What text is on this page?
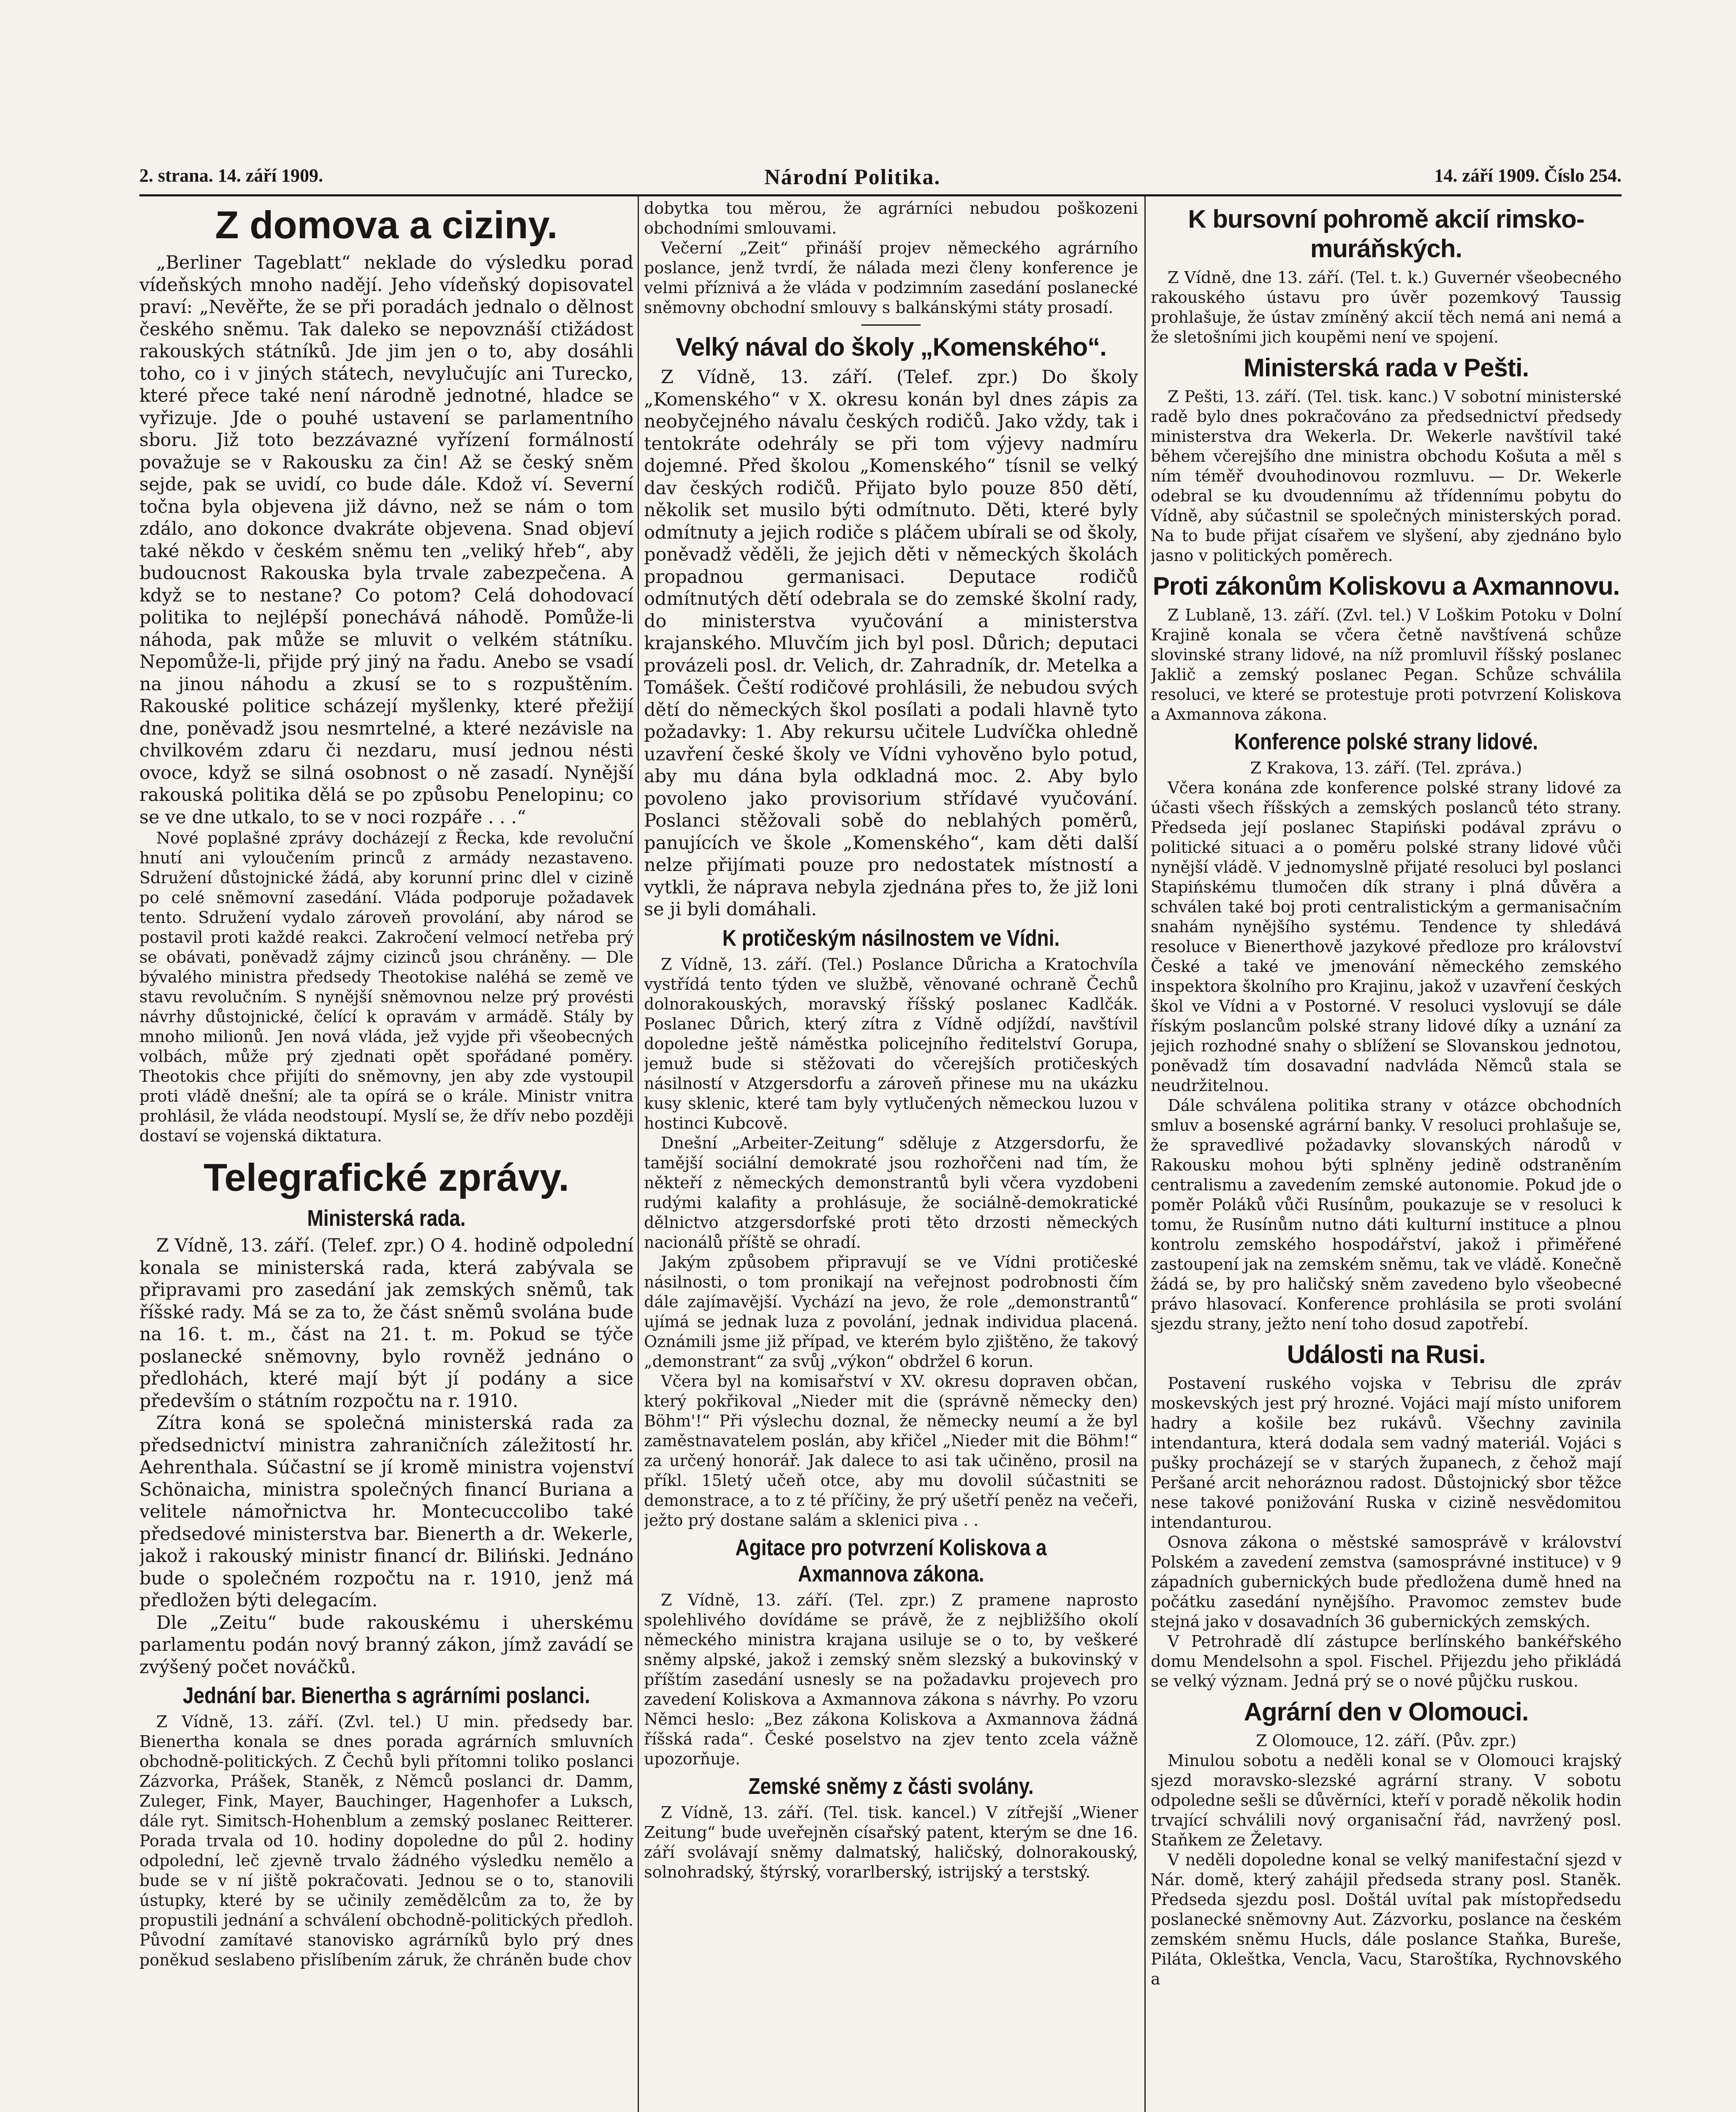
2. strana. 14. září 1909.	Národní Politika.	14. září 1909. Číslo 254.
Z domova a ciziny.

„Berliner Tageblatt“ neklade do výsledku porad vídeňských mnoho nadějí. Jeho vídeňský dopisovatel praví: „Nevěřte, že se při poradách jednalo o dělnost českého sněmu. Tak daleko se nepovznáší ctižádost rakouských státníků. Jde jim jen o to, aby dosáhli toho, co i v jiných státech, nevylučujíc ani Turecko, které přece také není národně jednotné, hladce se vyřizuje. Jde o pouhé ustavení se parlamentního sboru. Již toto bezzávazné vyřízení formálností považuje se v Rakousku za čin! Až se český sněm sejde, pak se uvidí, co bude dále. Kdož ví. Severní točna byla objevena již dávno, než se nám o tom zdálo, ano dokonce dvakráte objevena. Snad objeví také někdo v českém sněmu ten „veliký hřeb“, aby budoucnost Rakouska byla trvale zabezpečena. A když se to nestane? Co potom? Celá dohodovací politika to nejlépší ponechává náhodě. Pomůže-li náhoda, pak může se mluvit o velkém státníku. Nepomůže-li, přijde prý jiný na řadu. Anebo se vsadí na jinou náhodu a zkusí se to s rozpuštěním. Rakouské politice scházejí myšlenky, které přežijí dne, poněvadž jsou nesmrtelné, a které nezávisle na chvilkovém zdaru či nezdaru, musí jednou nésti ovoce, když se silná osobnost o ně zasadí. Nynější rakouská politika dělá se po způsobu Penelopinu; co se ve dne utkalo, to se v noci rozpáře . . .“

Nové poplašné zprávy docházejí z Řecka, kde revoluční hnutí ani vyloučením princů z armády nezastaveno. Sdružení důstojnické žádá, aby korunní princ dlel v cizině po celé sněmovní zasedání. Vláda podporuje požadavek tento. Sdružení vydalo zároveň provolání, aby národ se postavil proti každé reakci. Zakročení velmocí netřeba prý se obávati, poněvadž zájmy cizinců jsou chráněny. — Dle bývalého ministra předsedy Theotokise naléhá se země ve stavu revolučním. S nynější sněmovnou nelze prý provésti návrhy důstojnické, čelící k opravám v armádě. Stály by mnoho milionů. Jen nová vláda, jež vyjde při všeobecných volbách, může prý zjednati opět spořádané poměry. Theotokis chce přijíti do sněmovny, jen aby zde vystoupil proti vládě dnešní; ale ta opírá se o krále. Ministr vnitra prohlásil, že vláda neodstoupí. Myslí se, že dřív nebo později dostaví se vojenská diktatura.

Telegrafické zprávy.
Ministerská rada.

Z Vídně, 13. září. (Telef. zpr.) O 4. hodině odpolední konala se ministerská rada, která zabývala se připravami pro zasedání jak zemských sněmů, tak říšské rady. Má se za to, že část sněmů svolána bude na 16. t. m., část na 21. t. m. Pokud se týče poslanecké sněmovny, bylo rovněž jednáno o předlohách, které mají být jí podány a sice především o státním rozpočtu na r. 1910.

Zítra koná se společná ministerská rada za předsednictví ministra zahraničních záležitostí hr. Aehrenthala. Súčastní se jí kromě ministra vojenství Schönaicha, ministra společných financí Buriana a velitele námořnictva hr. Montecuccolibo také předsedové ministerstva bar. Bienerth a dr. Wekerle, jakož i rakouský ministr financí dr. Biliński. Jednáno bude o společném rozpočtu na r. 1910, jenž má předložen býti delegacím.

Dle „Zeitu“ bude rakouskému i uherskému parlamentu podán nový branný zákon, jímž zavádí se zvýšený počet nováčků.

Jednání bar. Bienertha s agrárními poslanci.

Z Vídně, 13. září. (Zvl. tel.) U min. předsedy bar. Bienertha konala se dnes porada agrárních smluvních obchodně-politických. Z Čechů byli přítomni toliko poslanci Zázvorka, Prášek, Staněk, z Němců poslanci dr. Damm, Zuleger, Fink, Mayer, Bauchinger, Hagenhofer a Luksch, dále ryt. Simitsch-Hohenblum a zemský poslanec Reitterer. Porada trvala od 10. hodiny dopoledne do půl 2. hodiny odpolední, leč zjevně trvalo žádného výsledku nemělo a bude se v ní jiště pokračovati. Jednou se o to, stanovili ústupky, které by se učinily zemědělcům za to, že by propustili jednání a schválení obchodně-politických předloh. Původní zamítavé stanovisko agrárníků bylo prý dnes poněkud seslabeno přislíbením záruk, že chráněn bude chov

dobytka tou měrou, že agrárníci nebudou poškozeni obchodními smlouvami.

Večerní „Zeit“ přináší projev německého agrárního poslance, jenž tvrdí, že nálada mezi členy konference je velmi příznivá a že vláda v podzimním zasedání poslanecké sněmovny obchodní smlouvy s balkánskými státy prosadí.

Velký nával do školy „Komenského“.

Z Vídně, 13. září. (Telef. zpr.) Do školy „Komenského“ v X. okresu konán byl dnes zápis za neobyčejného návalu českých rodičů. Jako vždy, tak i tentokráte odehrály se při tom výjevy nadmíru dojemné. Před školou „Komenského“ tísnil se velký dav českých rodičů. Přijato bylo pouze 850 dětí, několik set musilo býti odmítnuto. Děti, které byly odmítnuty a jejich rodiče s pláčem ubírali se od školy, poněvadž věděli, že jejich děti v německých školách propadnou germanisaci. Deputace rodičů odmítnutých dětí odebrala se do zemské školní rady, do ministerstva vyučování a ministerstva krajanského. Mluvčím jich byl posl. Důrich; deputaci provázeli posl. dr. Velich, dr. Zahradník, dr. Metelka a Tomášek. Čeští rodičové prohlásili, že nebudou svých dětí do německých škol posílati a podali hlavně tyto požadavky: 1. Aby rekursu učitele Ludvíčka ohledně uzavření české školy ve Vídni vyhověno bylo potud, aby mu dána byla odkladná moc. 2. Aby bylo povoleno jako provisorium střídavé vyučování. Poslanci stěžovali sobě do neblahých poměrů, panujících ve škole „Komenského“, kam děti další nelze přijímati pouze pro nedostatek místností a vytkli, že náprava nebyla zjednána přes to, že již loni se ji byli domáhali.

K protičeským násilnostem ve Vídni.

Z Vídně, 13. září. (Tel.) Poslance Důricha a Kratochvíla vystřídá tento týden ve službě, věnované ochraně Čechů dolnorakouských, moravský říšský poslanec Kadlčák. Poslanec Důrich, který zítra z Vídně odjíždí, navštívil dopoledne ještě náměstka policejního ředitelství Gorupa, jemuž bude si stěžovati do včerejších protičeských násilností v Atzgersdorfu a zároveň přinese mu na ukázku kusy sklenic, které tam byly vytlučených německou luzou v hostinci Kubcově.

Dnešní „Arbeiter-Zeitung“ sděluje z Atzgersdorfu, že tamější sociální demokraté jsou rozhořčeni nad tím, že někteří z německých demonstrantů byli včera vyzdobeni rudými kalafity a prohlásuje, že sociálně-demokratické dělnictvo atzgersdorfské proti těto drzosti německých nacionálů příště se ohradí.

Jakým způsobem připravují se ve Vídni protičeské násilnosti, o tom pronikají na veřejnost podrobnosti čím dále zajímavější. Vychází na jevo, že role „demonstrantů“ ujímá se jednak luza z povolání, jednak individua placená. Oznámili jsme již případ, ve kterém bylo zjištěno, že takový „demonstrant“ za svůj „výkon“ obdržel 6 korun.

Včera byl na komisařství v XV. okresu dopraven občan, který pokřikoval „Nieder mit die (správně německy den) Böhm'!“ Při výslechu doznal, že německy neumí a že byl zaměstnavatelem poslán, aby křičel „Nieder mit die Böhm!“ za určený honorář. Jak dalece to asi tak učiněno, prosil na příkl. 15letý učeň otce, aby mu dovolil súčastniti se demonstrace, a to z té příčiny, že prý ušetří peněz na večeři, ježto prý dostane salám a sklenici piva . .

Agitace pro potvrzení Koliskova a Axmannova zákona.

Z Vídně, 13. září. (Tel. zpr.) Z pramene naprosto spolehlivého dovídáme se právě, že z nejbližšího okolí německého ministra krajana usiluje se o to, by veškeré sněmy alpské, jakož i zemský sněm slezský a bukovinský v příštím zasedání usnesly se na požadavku projevech pro zavedení Koliskova a Axmannova zákona s návrhy. Po vzoru Němci heslo: „Bez zákona Koliskova a Axmannova žádná říšská rada“. České poselstvo na zjev tento zcela vážně upozorňuje.

Zemské sněmy z části svolány.

Z Vídně, 13. září. (Tel. tisk. kancel.) V zítřejší „Wiener Zeitung“ bude uveřejněn císařský patent, kterým se dne 16. září svolávají sněmy dalmatský, haličský, dolnorakouský, solnohradský, štýrský, vorarlberský, istrijský a terstský.

K bursovní pohromě akcií rimsko-muráňských.

Z Vídně, dne 13. září. (Tel. t. k.) Guvernér všeobecného rakouského ústavu pro úvěr pozemkový Taussig prohlašuje, že ústav zmíněný akcií těch nemá ani nemá a že sletošními jich koupěmi není ve spojení.

Ministerská rada v Pešti.

Z Pešti, 13. září. (Tel. tisk. kanc.) V sobotní ministerské radě bylo dnes pokračováno za předsednictví předsedy ministerstva dra Wekerla. Dr. Wekerle navštívil také během včerejšího dne ministra obchodu Košuta a měl s ním téměř dvouhodinovou rozmluvu. — Dr. Wekerle odebral se ku dvoudennímu až třídennímu pobytu do Vídně, aby súčastnil se společných ministerských porad. Na to bude přijat císařem ve slyšení, aby zjednáno bylo jasno v politických poměrech.

Proti zákonům Koliskovu a Axmannovu.

Z Lublaně, 13. září. (Zvl. tel.) V Loškim Potoku v Dolní Krajině konala se včera četně navštívená schůze slovinské strany lidové, na níž promluvil říšský poslanec Jaklič a zemský poslanec Pegan. Schůze schválila resoluci, ve které se protestuje proti potvrzení Koliskova a Axmannova zákona.

Konference polské strany lidové.

Z Krakova, 13. září. (Tel. zpráva.)

Včera konána zde konference polské strany lidové za účasti všech říšských a zemských poslanců této strany. Předseda její poslanec Stapiński podával zprávu o politické situaci a o poměru polské strany lidové vůči nynější vládě. V jednomyslně přijaté resoluci byl poslanci Stapińskému tlumočen dík strany i plná důvěra a schválen také boj proti centralistickým a germanisačním snahám nynějšího systému. Tendence ty shledává resoluce v Bienerthově jazykové předloze pro království České a také ve jmenování německého zemského inspektora školního pro Krajinu, jakož v uzavření českých škol ve Vídni a v Postorné. V resoluci vyslovují se dále říským poslancům polské strany lidové díky a uznání za jejich rozhodné snahy o sblížení se Slovanskou jednotou, poněvadž tím dosavadní nadvláda Němců stala se neudržitelnou.

Dále schválena politika strany v otázce obchodních smluv a bosenské agrární banky. V resoluci prohlašuje se, že spravedlivé požadavky slovanských národů v Rakousku mohou býti splněny jedině odstraněním centralismu a zavedením zemské autonomie. Pokud jde o poměr Poláků vůči Rusínům, poukazuje se v resoluci k tomu, že Rusínům nutno dáti kulturní instituce a plnou kontrolu zemského hospodářství, jakož i přiměřené zastoupení jak na zemském sněmu, tak ve vládě. Konečně žádá se, by pro haličský sněm zavedeno bylo všeobecné právo hlasovací. Konference prohlásila se proti svolání sjezdu strany, ježto není toho dosud zapotřebí.

Události na Rusi.

Postavení ruského vojska v Tebrisu dle zpráv moskevských jest prý hrozné. Vojáci mají místo uniforem hadry a košile bez rukávů. Všechny zavinila intendantura, která dodala sem vadný materiál. Vojáci s pušky procházejí se v starých županech, z čehož mají Peršané arcit nehoráznou radost. Důstojnický sbor těžce nese takové ponižování Ruska v cizině nesvědomitou intendanturou.

Osnova zákona o městské samosprávě v království Polském a zavedení zemstva (samosprávné instituce) v 9 západních gubernických bude předložena dumě hned na počátku zasedání nynějšího. Pravomoc zemstev bude stejná jako v dosavadních 36 gubernických zemských.

V Petrohradě dlí zástupce berlínského bankéřského domu Mendelsohn a spol. Fischel. Přijezdu jeho přikládá se velký význam. Jedná prý se o nové půjčku ruskou.

Agrární den v Olomouci.

Z Olomouce, 12. září. (Pův. zpr.)

Minulou sobotu a neděli konal se v Olomouci krajský sjezd moravsko-slezské agrární strany. V sobotu odpoledne sešli se důvěrníci, kteří v poradě několik hodin trvající schválili nový organisační řád, navržený posl. Staňkem ze Želetavy.

V neděli dopoledne konal se velký manifestační sjezd v Nár. domě, který zahájil předseda strany posl. Staněk. Předseda sjezdu posl. Doštál uvítal pak místopředsedu poslanecké sněmovny Aut. Zázvorku, poslance na českém zemském sněmu Hucls, dále poslance Staňka, Bureše, Piláta, Okleštka, Vencla, Vacu, Staroštíka, Rychnovského a
